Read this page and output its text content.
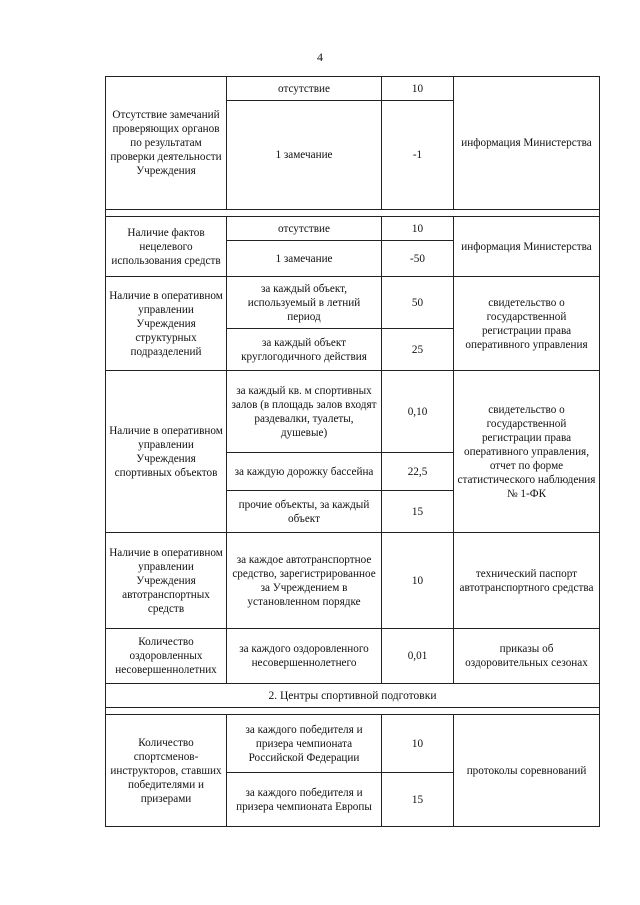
4
Отсутствие замечаний проверяющих органов по результатам проверки деятельности Учреждения	отсутствие	10	информация Министерства
	1 замечание	-1	

Наличие фактов нецелевого использования средств	отсутствие	10	информация Министерства
	1 замечание	-50	
Наличие в оперативном управлении Учреждения структурных подразделений	за каждый объект, используемый в летний период	50	свидетельство о государственной регистрации права оперативного управления
	за каждый объект круглогодичного действия	25	
Наличие в оперативном управлении Учреждения спортивных объектов	за каждый кв. м спортивных залов (в площадь залов входят раздевалки, туалеты, душевые)	0,10	свидетельство о государственной регистрации права оперативного управления, отчет по форме статистического наблюдения № 1-ФК
	за каждую дорожку бассейна	22,5	
	прочие объекты, за каждый объект	15	
Наличие в оперативном управлении Учреждения автотранспортных средств	за каждое автотранспортное средство, зарегистрированное за Учреждением в установленном порядке	10	технический паспорт автотранспортного средства
Количество оздоровленных несовершеннолетних	за каждого оздоровленного несовершеннолетнего	0,01	приказы об оздоровительных сезонах
2. Центры спортивной подготовки			

Количество спортсменов-инструкторов, ставших победителями и призерами	за каждого победителя и призера чемпионата Российской Федерации	10	протоколы соревнований
	за каждого победителя и призера чемпионата Европы	15	
